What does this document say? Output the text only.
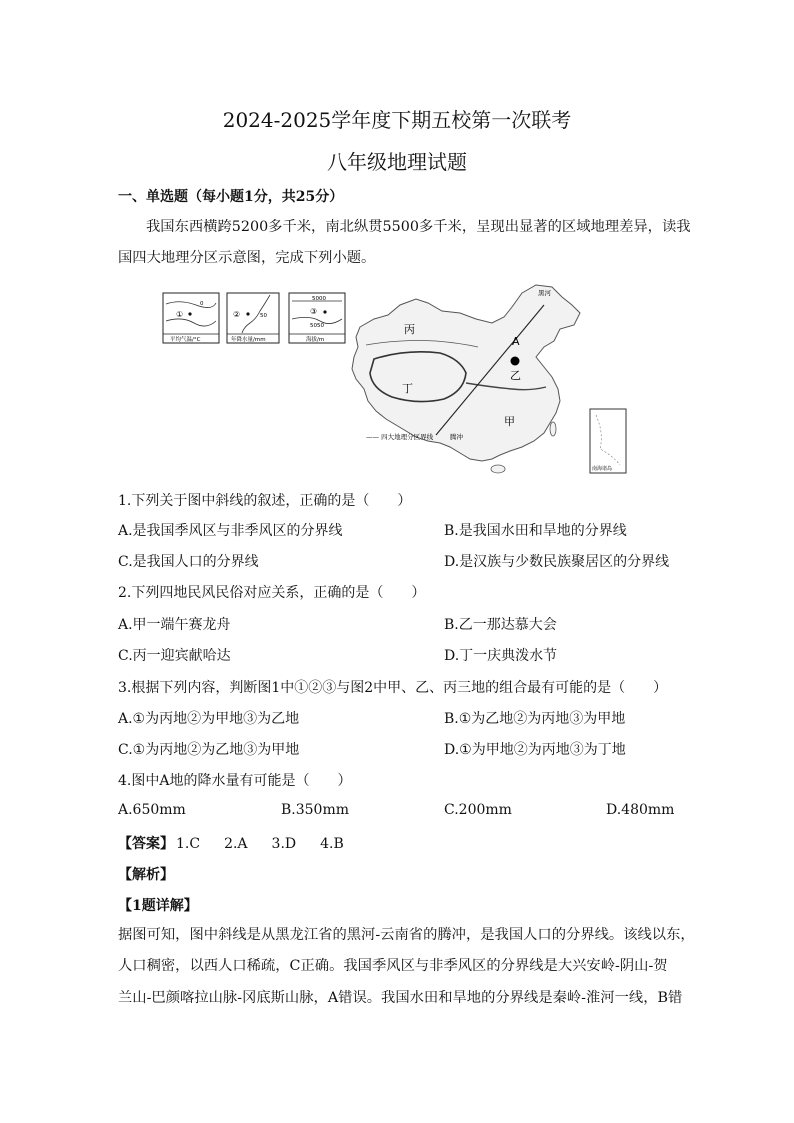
2024-2025学年度下期五校第一次联考
八年级地理试题
一、单选题（每小题1分，共25分）
我国东西横跨5200多千米，南北纵贯5500多千米，呈现出显著的区域地理差异，读我
国四大地理分区示意图，完成下列小题。
①
0
平均气温/°C
②	50
年降水量/mm
5000
③
5050
海拔/m
丙
丁
甲
乙
A
黑河
—— 四大地理分区界线	腾冲
南海诸岛
1.下列关于图中斜线的叙述，正确的是（　　）
A.是我国季风区与非季风区的分界线	B.是我国水田和旱地的分界线
C.是我国人口的分界线	D.是汉族与少数民族聚居区的分界线
2.下列四地民风民俗对应关系，正确的是（　　）
A.甲一端午赛龙舟	B.乙一那达慕大会
C.丙一迎宾献哈达	D.丁一庆典泼水节
3.根据下列内容，判断图1中①②③与图2中甲、乙、丙三地的组合最有可能的是（　　）
A.①为丙地②为甲地③为乙地	B.①为乙地②为丙地③为甲地
C.①为丙地②为乙地③为甲地	D.①为甲地②为丙地③为丁地
4.图中A地的降水量有可能是（　　）
A.650mm	B.350mm	C.200mm	D.480mm
【答案】 1.C 2.A 3.D 4.B
【解析】
【1题详解】
据图可知，图中斜线是从黑龙江省的黑河-云南省的腾冲，是我国人口的分界线。该线以东，
人口稠密，以西人口稀疏，C正确。我国季风区与非季风区的分界线是大兴安岭-阴山-贺
兰山-巴颜喀拉山脉-冈底斯山脉，A错误。我国水田和旱地的分界线是秦岭-淮河一线，B错
